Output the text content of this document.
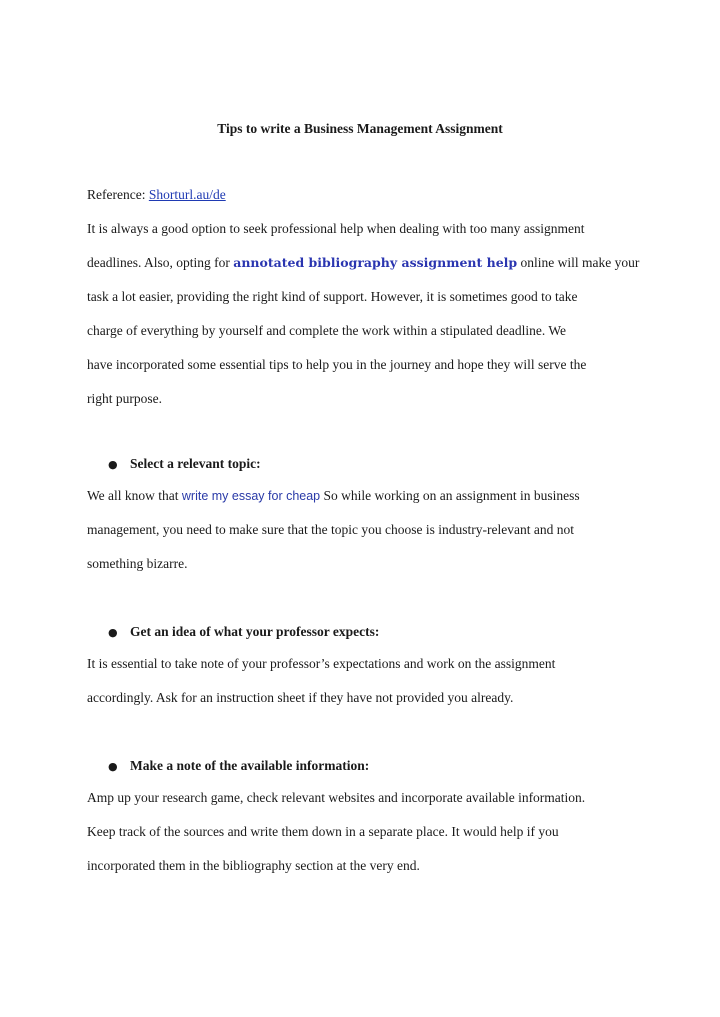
Tips to write a Business Management Assignment
Reference: Shorturl.au/de

It is always a good option to seek professional help when dealing with too many assignment

deadlines. Also, opting for annotated bibliography assignment help online will make your

task a lot easier, providing the right kind of support. However, it is sometimes good to take

charge of everything by yourself and complete the work within a stipulated deadline. We

have incorporated some essential tips to help you in the journey and hope they will serve the

right purpose.

● Select a relevant topic:

We all know that write my essay for cheap So while working on an assignment in business

management, you need to make sure that the topic you choose is industry-relevant and not

something bizarre.

● Get an idea of what your professor expects:

It is essential to take note of your professor’s expectations and work on the assignment

accordingly. Ask for an instruction sheet if they have not provided you already.

● Make a note of the available information:

Amp up your research game, check relevant websites and incorporate available information.

Keep track of the sources and write them down in a separate place. It would help if you

incorporated them in the bibliography section at the very end.
